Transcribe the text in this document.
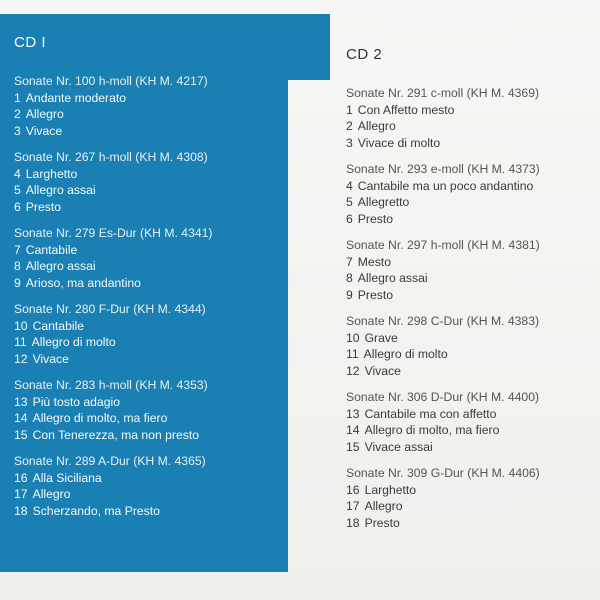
CD I
Sonate Nr. 100 h-moll (KH M. 4217)
1 Andante moderato
2 Allegro
3 Vivace
Sonate Nr. 267 h-moll (KH M. 4308)
4 Larghetto
5 Allegro assai
6 Presto
Sonate Nr. 279 Es-Dur (KH M. 4341)
7 Cantabile
8 Allegro assai
9 Arioso, ma andantino
Sonate Nr. 280 F-Dur (KH M. 4344)
10 Cantabile
11 Allegro di molto
12 Vivace
Sonate Nr. 283 h-moll (KH M. 4353)
13 Più tosto adagio
14 Allegro di molto, ma fiero
15 Con Tenerezza, ma non presto
Sonate Nr. 289 A-Dur (KH M. 4365)
16 Alla Siciliana
17 Allegro
18 Scherzando, ma Presto
CD 2
Sonate Nr. 291 c-moll (KH M. 4369)
1 Con Affetto mesto
2 Allegro
3 Vivace di molto
Sonate Nr. 293 e-moll (KH M. 4373)
4 Cantabile ma un poco andantino
5 Allegretto
6 Presto
Sonate Nr. 297 h-moll (KH M. 4381)
7 Mesto
8 Allegro assai
9 Presto
Sonate Nr. 298 C-Dur (KH M. 4383)
10 Grave
11 Allegro di molto
12 Vivace
Sonate Nr. 306 D-Dur (KH M. 4400)
13 Cantabile ma con affetto
14 Allegro di molto, ma fiero
15 Vivace assai
Sonate Nr. 309 G-Dur (KH M. 4406)
16 Larghetto
17 Allegro
18 Presto
